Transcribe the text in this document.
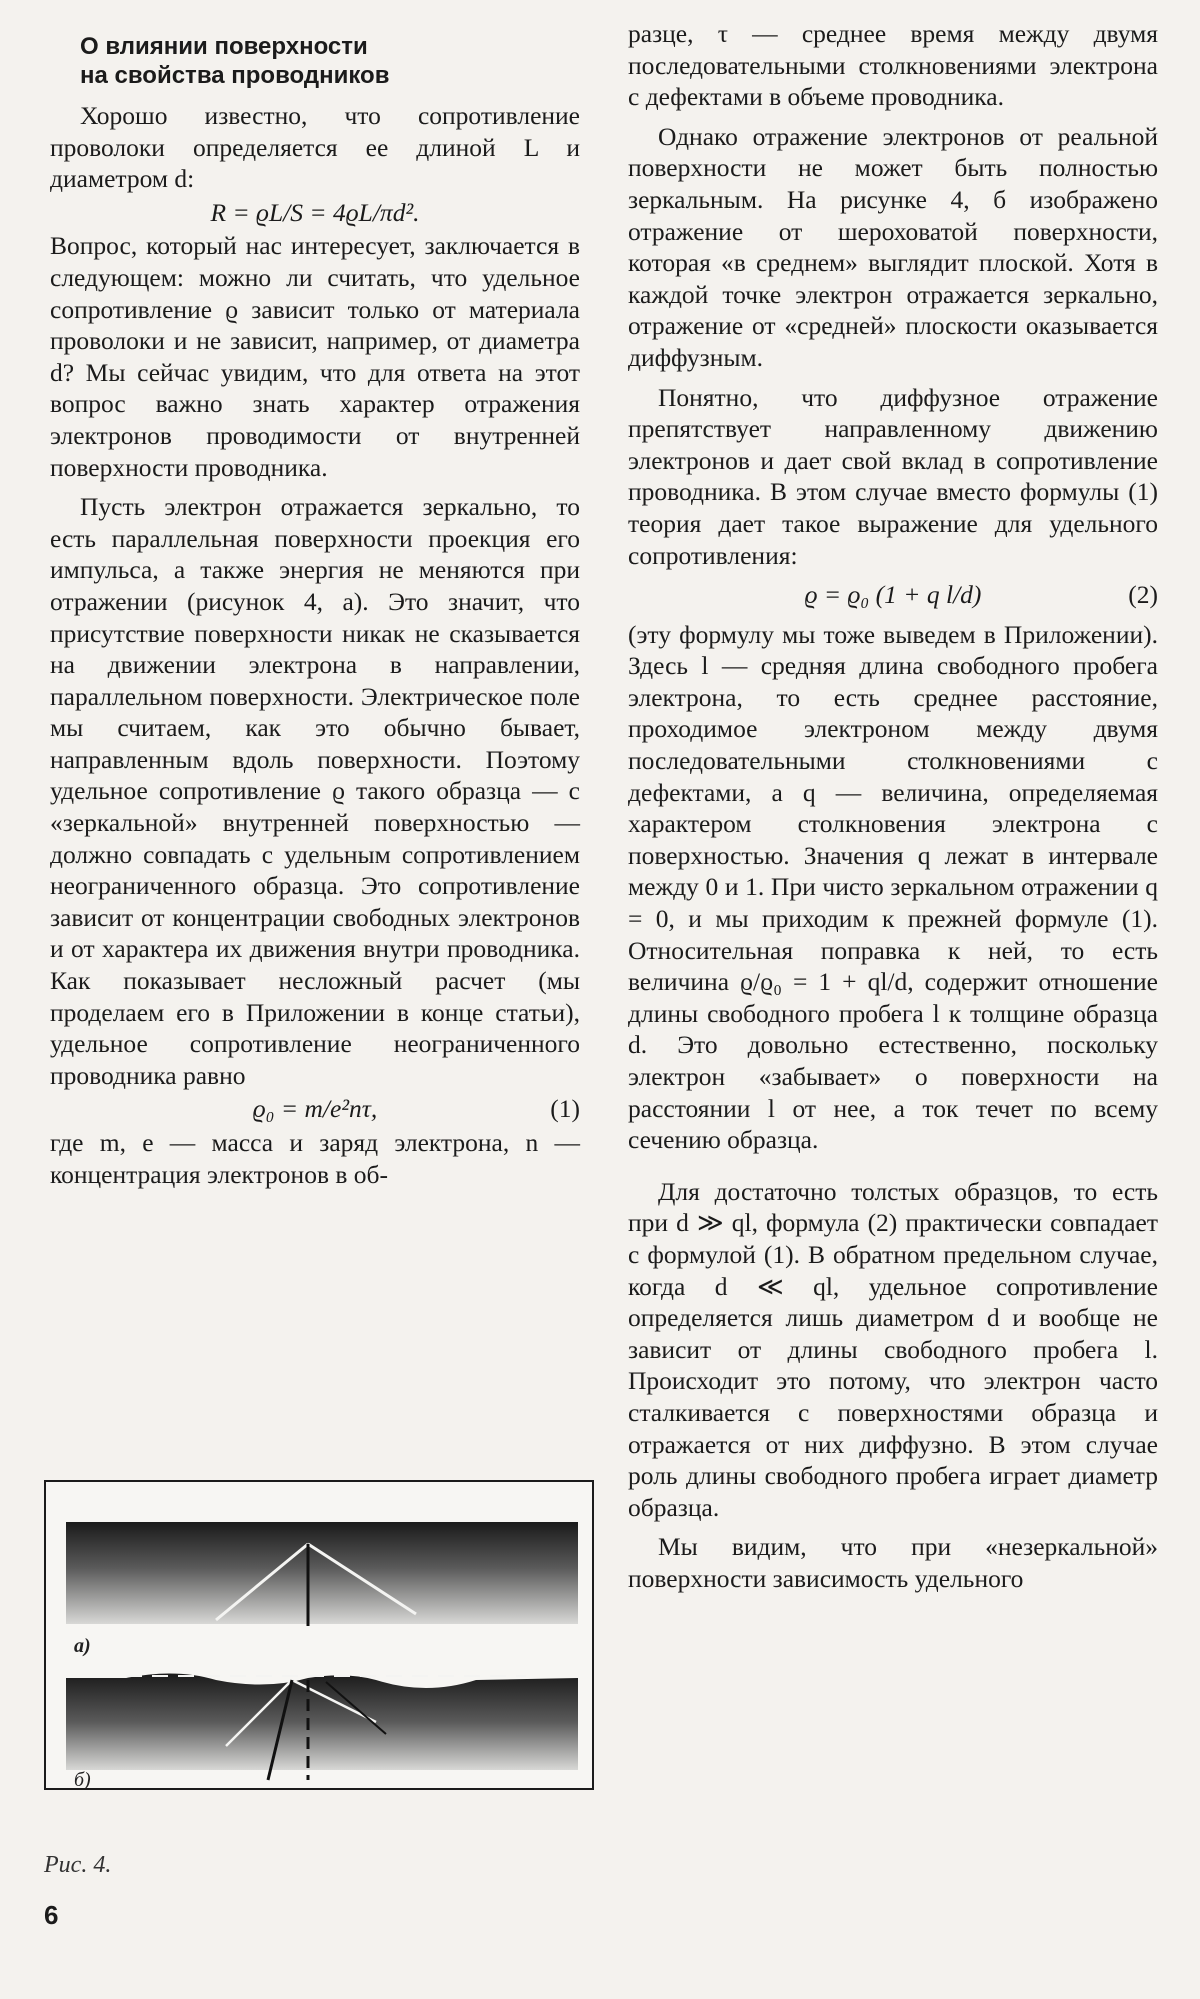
О влиянии поверхности
на свойства проводников

Хорошо известно, что сопротивление проволоки определяется ее длиной L и диаметром d:

R = ϱL/S = 4ϱL/πd².

Вопрос, который нас интересует, заключается в следующем: можно ли считать, что удельное сопротивление ϱ зависит только от материала проволоки и не зависит, например, от диаметра d? Мы сейчас увидим, что для ответа на этот вопрос важно знать характер отражения электронов проводимости от внутренней поверхности проводника.

Пусть электрон отражается зеркально, то есть параллельная поверхности проекция его импульса, а также энергия не меняются при отражении (рисунок 4, а). Это значит, что присутствие поверхности никак не сказывается на движении электрона в направлении, параллельном поверхности. Электрическое поле мы считаем, как это обычно бывает, направленным вдоль поверхности. Поэтому удельное сопротивление ϱ такого образца — с «зеркальной» внутренней поверхностью — должно совпадать с удельным сопротивлением неограниченного образца. Это сопротивление зависит от концентрации свободных электронов и от характера их движения внутри проводника. Как показывает несложный расчет (мы проделаем его в Приложении в конце статьи), удельное сопротивление неограниченного проводника равно

ϱ₀ = m/e²nτ,	(1)

где m, e — масса и заряд электрона, n — концентрация электронов в об-

разце, τ — среднее время между двумя последовательными столкновениями электрона с дефектами в объеме проводника.

Однако отражение электронов от реальной поверхности не может быть полностью зеркальным. На рисунке 4, б изображено отражение от шероховатой поверхности, которая «в среднем» выглядит плоской. Хотя в каждой точке электрон отражается зеркально, отражение от «средней» плоскости оказывается диффузным.

Понятно, что диффузное отражение препятствует направленному движению электронов и дает свой вклад в сопротивление проводника. В этом случае вместо формулы (1) теория дает такое выражение для удельного сопротивления:

ϱ = ϱ₀ (1 + q l/d)	(2)

(эту формулу мы тоже выведем в Приложении). Здесь l — средняя длина свободного пробега электрона, то есть среднее расстояние, проходимое электроном между двумя последовательными столкновениями с дефектами, а q — величина, определяемая характером столкновения электрона с поверхностью. Значения q лежат в интервале между 0 и 1. При чисто зеркальном отражении q = 0, и мы приходим к прежней формуле (1). Относительная поправка к ней, то есть величина ϱ/ϱ₀ = 1 + ql/d, содержит отношение длины свободного пробега l к толщине образца d. Это довольно естественно, поскольку электрон «забывает» о поверхности на расстоянии l от нее, а ток течет по всему сечению образца.

Для достаточно толстых образцов, то есть при d ≫ ql, формула (2) практически совпадает с формулой (1). В обратном предельном случае, когда d ≪ ql, удельное сопротивление определяется лишь диаметром d и вообще не зависит от длины свободного пробега l. Происходит это потому, что электрон часто сталкивается с поверхностями образца и отражается от них диффузно. В этом случае роль длины свободного пробега играет диаметр образца.

Мы видим, что при «незеркальной» поверхности зависимость удельного

а)
б)
Рис. 4.
6
